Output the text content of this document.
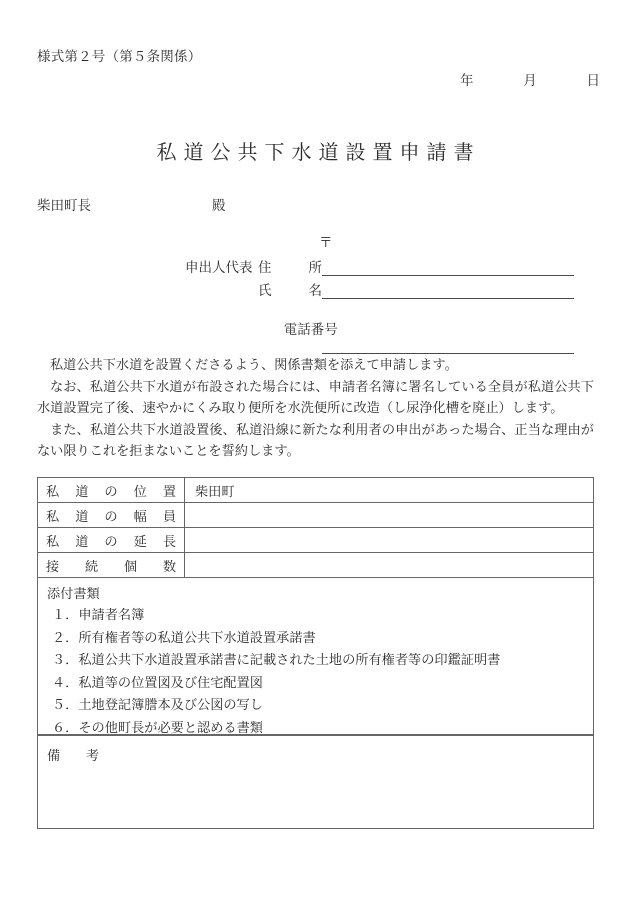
様式第２号（第５条関係）
年	月	日
私道公共下水道設置申請書
柴田町長	殿
〒
申出人代表 住	所
氏	名

電話番号

私道公共下水道を設置くださるよう、関係書類を添えて申請します。

なお、私道公共下水道が布設された場合には、申請者名簿に署名している全員が私道公共下水道設置完了後、速やかにくみ取り便所を水洗便所に改造（し尿浄化槽を廃止）します。

また、私道公共下水道設置後、私道沿線に新たな利用者の申出があった場合、正当な理由がない限りこれを拒まないことを誓約します。

私 道 の 位 置	柴田町

私 道 の 幅 員	

私 道 の 延 長	

接 続 個 数	

添付書類
１．申請者名簿
２．所有権者等の私道公共下水道設置承諾書
３．私道公共下水道設置承諾書に記載された土地の所有権者等の印鑑証明書
４．私道等の位置図及び住宅配置図
５．土地登記簿謄本及び公図の写し
６．その他町長が必要と認める書類
備 考
